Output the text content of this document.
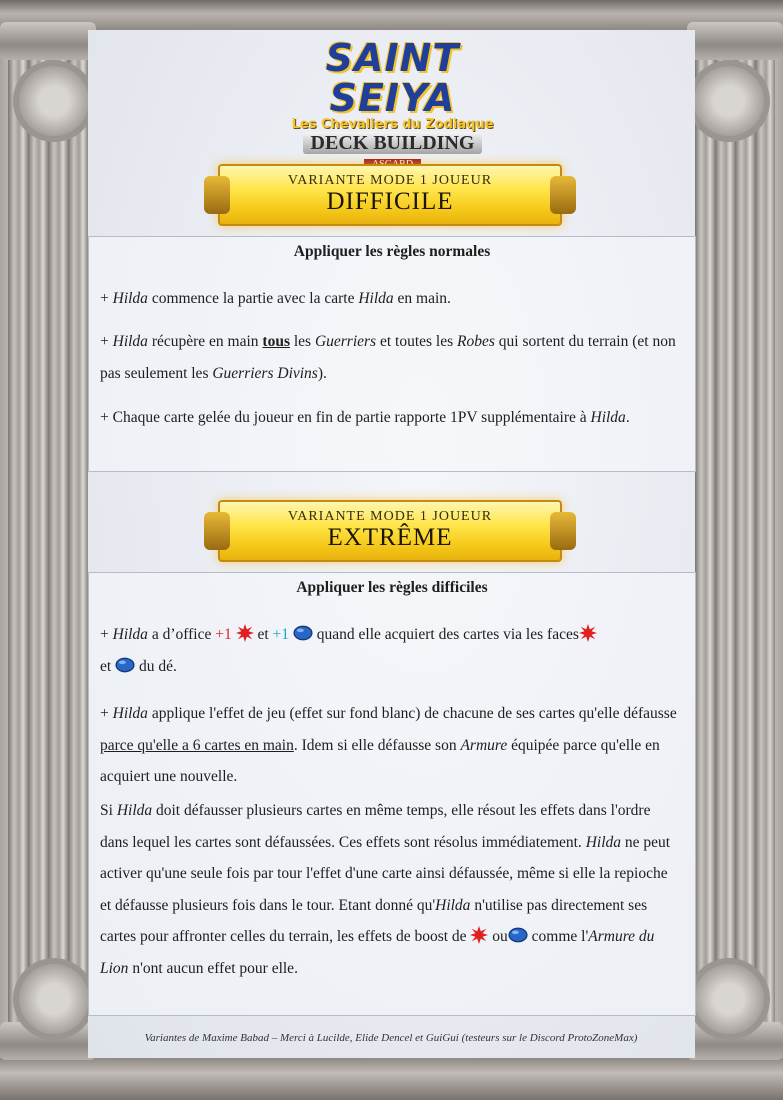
SAINT SEIYA
Les Chevaliers du Zodiaque
DECK BUILDING

VARIANTE MODE 1 JOUEUR
DIFFICILE
Appliquer les règles normales
+ Hilda commence la partie avec la carte Hilda en main.
+ Hilda récupère en main tous les Guerriers et toutes les Robes qui sortent du terrain (et non pas seulement les Guerriers Divins).
+ Chaque carte gelée du joueur en fin de partie rapporte 1PV supplémentaire à Hilda.
VARIANTE MODE 1 JOUEUR
EXTRÊME
Appliquer les règles difficiles
+ Hilda a d’office +1  et +1  quand elle acquiert des cartes via les faces
et  du dé.
+ Hilda applique l'effet de jeu (effet sur fond blanc) de chacune de ses cartes qu'elle défausse parce qu'elle a 6 cartes en main. Idem si elle défausse son Armure équipée parce qu'elle en acquiert une nouvelle.
Si Hilda doit défausser plusieurs cartes en même temps, elle résout les effets dans l'ordre dans lequel les cartes sont défaussées. Ces effets sont résolus immédiatement. Hilda ne peut activer qu'une seule fois par tour l'effet d'une carte ainsi défaussée, même si elle la repioche et défausse plusieurs fois dans le tour. Etant donné qu'Hilda n'utilise pas directement ses cartes pour affronter celles du terrain, les effets de boost de  ou comme l'Armure du Lion n'ont aucun effet pour elle.
Variantes de Maxime Babad – Merci à Lucilde, Elide Dencel et GuiGui (testeurs sur le Discord ProtoZoneMax)
